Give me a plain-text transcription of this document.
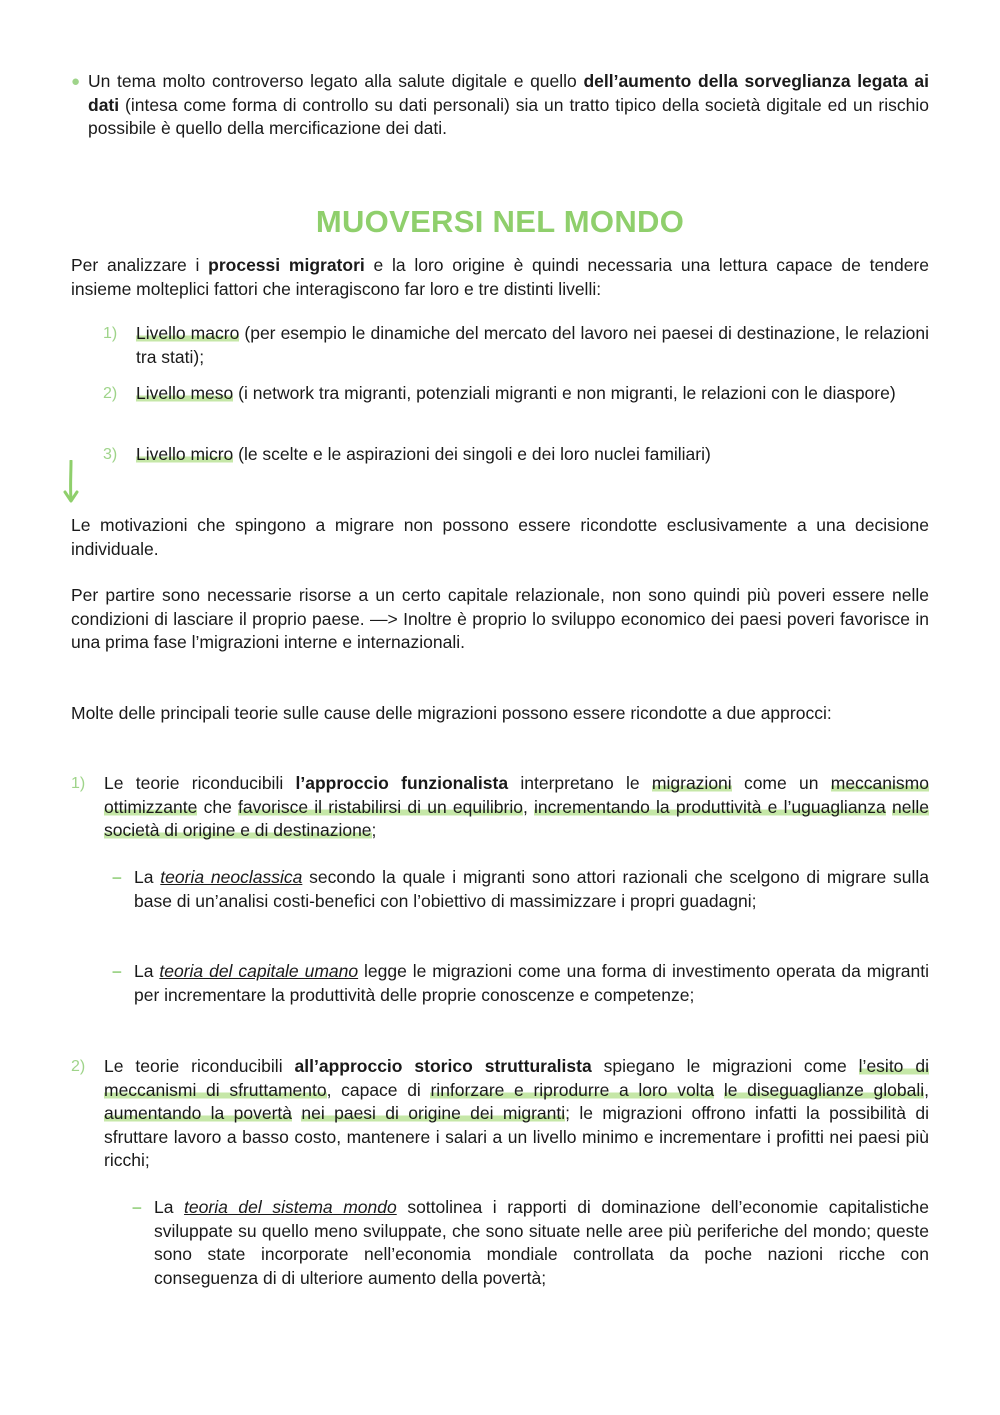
● Un tema molto controverso legato alla salute digitale e quello dell’aumento della sorveglianza legata ai dati (intesa come forma di controllo su dati personali) sia un tratto tipico della società digitale ed un rischio possibile è quello della mercificazione dei dati.

MUOVERSI NEL MONDO

Per analizzare i processi migratori e la loro origine è quindi necessaria una lettura capace de tendere insieme molteplici fattori che interagiscono far loro e tre distinti livelli:

1) Livello macro (per esempio le dinamiche del mercato del lavoro nei paesei di destinazione, le relazioni tra stati);

2) Livello meso (i network tra migranti, potenziali migranti e non migranti, le relazioni con le diaspore)

3) Livello micro (le scelte e le aspirazioni dei singoli e dei loro nuclei familiari)

Le motivazioni che spingono a migrare non possono essere ricondotte esclusivamente a una decisione individuale.

Per partire sono necessarie risorse a un certo capitale relazionale, non sono quindi più poveri essere nelle condizioni di lasciare il proprio paese. —> Inoltre è proprio lo sviluppo economico dei paesi poveri favorisce in una prima fase l’migrazioni interne e internazionali.

Molte delle principali teorie sulle cause delle migrazioni possono essere ricondotte a due approcci:

1) Le teorie riconducibili l’approccio funzionalista interpretano le migrazioni come un meccanismo ottimizzante che favorisce il ristabilirsi di un equilibrio, incrementando la produttività e l’uguaglianza nelle società di origine e di destinazione;

– La teoria neoclassica secondo la quale i migranti sono attori razionali che scelgono di migrare sulla base di un’analisi costi-benefici con l’obiettivo di massimizzare i propri guadagni;

– La teoria del capitale umano legge le migrazioni come una forma di investimento operata da migranti per incrementare la produttività delle proprie conoscenze e competenze;

2) Le teorie riconducibili all’approccio storico strutturalista spiegano le migrazioni come l’esito di meccanismi di sfruttamento, capace di rinforzare e riprodurre a loro volta le diseguaglianze globali, aumentando la povertà nei paesi di origine dei migranti; le migrazioni offrono infatti la possibilità di sfruttare lavoro a basso costo, mantenere i salari a un livello minimo e incrementare i profitti nei paesi più ricchi;

– La teoria del sistema mondo sottolinea i rapporti di dominazione dell’economie capitalistiche sviluppate su quello meno sviluppate, che sono situate nelle aree più periferiche del mondo; queste sono state incorporate nell’economia mondiale controllata da poche nazioni ricche con conseguenza di di ulteriore aumento della povertà;
